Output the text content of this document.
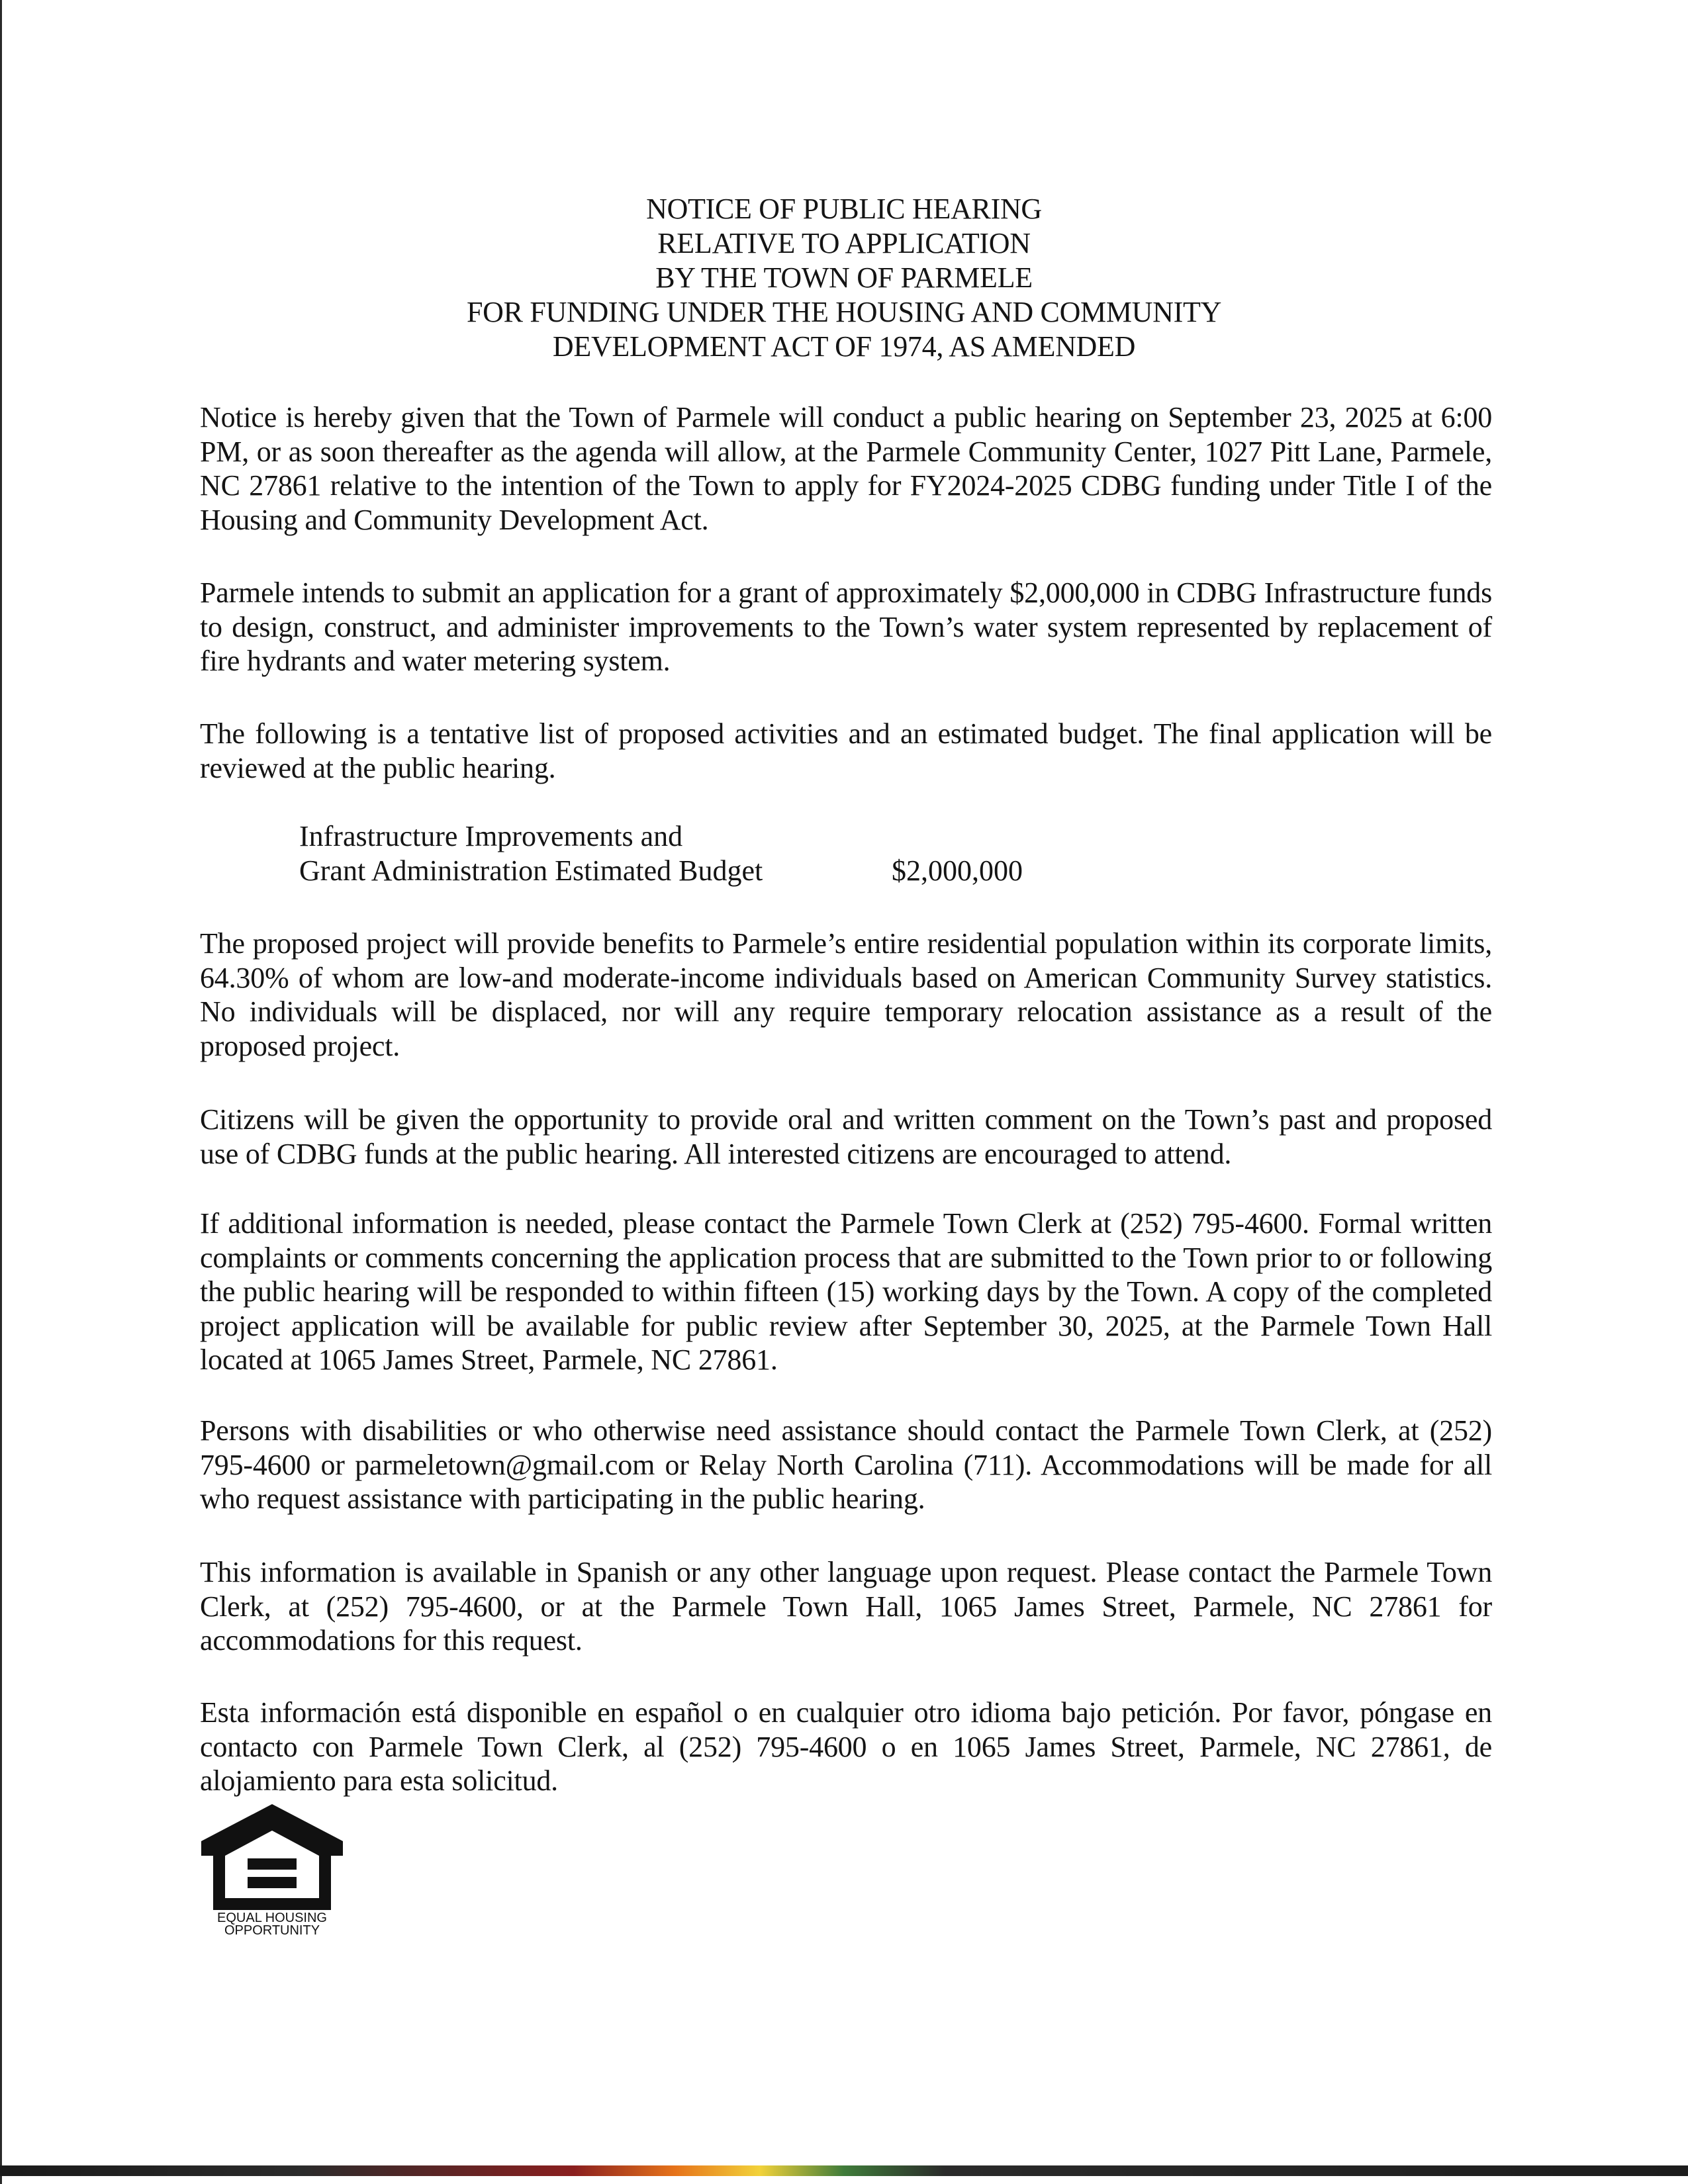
NOTICE OF PUBLIC HEARING
RELATIVE TO APPLICATION
BY THE TOWN OF PARMELE
FOR FUNDING UNDER THE HOUSING AND COMMUNITY
DEVELOPMENT ACT OF 1974, AS AMENDED

Notice is hereby given that the Town of Parmele will conduct a public hearing on September 23, 2025 at 6:00 PM, or as soon thereafter as the agenda will allow, at the Parmele Community Center, 1027 Pitt Lane, Parmele, NC 27861 relative to the intention of the Town to apply for FY2024-2025 CDBG funding under Title I of the Housing and Community Development Act.

Parmele intends to submit an application for a grant of approximately $2,000,000 in CDBG Infrastructure funds to design, construct, and administer improvements to the Town’s water system represented by replacement of fire hydrants and water metering system.

The following is a tentative list of proposed activities and an estimated budget. The final application will be reviewed at the public hearing.

Infrastructure Improvements and
Grant Administration Estimated Budget	$2,000,000

The proposed project will provide benefits to Parmele’s entire residential population within its corporate limits, 64.30% of whom are low-and moderate-income individuals based on American Community Survey statistics. No individuals will be displaced, nor will any require temporary relocation assistance as a result of the proposed project.

Citizens will be given the opportunity to provide oral and written comment on the Town’s past and proposed use of CDBG funds at the public hearing. All interested citizens are encouraged to attend.

If additional information is needed, please contact the Parmele Town Clerk at (252) 795-4600. Formal written complaints or comments concerning the application process that are submitted to the Town prior to or following the public hearing will be responded to within fifteen (15) working days by the Town. A copy of the completed project application will be available for public review after September 30, 2025, at the Parmele Town Hall located at 1065 James Street, Parmele, NC 27861.

Persons with disabilities or who otherwise need assistance should contact the Parmele Town Clerk, at (252) 795-4600 or parmeletown@gmail.com or Relay North Carolina (711). Accommodations will be made for all who request assistance with participating in the public hearing.

This information is available in Spanish or any other language upon request. Please contact the Parmele Town Clerk, at (252) 795-4600, or at the Parmele Town Hall, 1065 James Street, Parmele, NC 27861 for accommodations for this request.

Esta información está disponible en español o en cualquier otro idioma bajo petición. Por favor, póngase en contacto con Parmele Town Clerk, al (252) 795-4600 o en 1065 James Street, Parmele, NC 27861, de alojamiento para esta solicitud.

EQUAL HOUSING
OPPORTUNITY
